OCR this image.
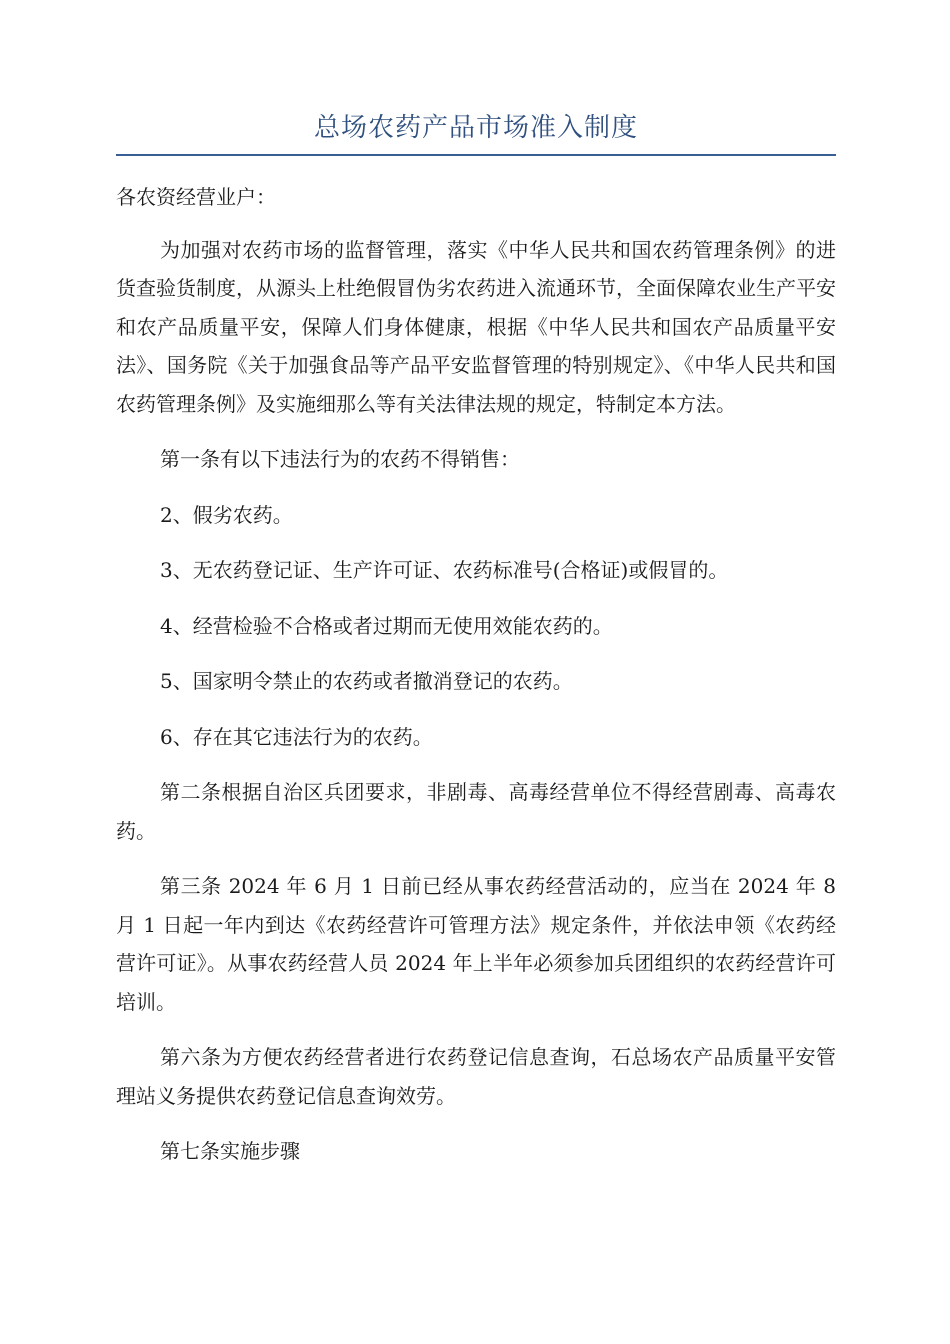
总场农药产品市场准入制度

各农资经营业户：

为加强对农药市场的监督管理，落实《中华人民共和国农药管理条例》的进货查验货制度，从源头上杜绝假冒伪劣农药进入流通环节，全面保障农业生产平安和农产品质量平安，保障人们身体健康，根据《中华人民共和国农产品质量平安法》、国务院《关于加强食品等产品平安监督管理的特别规定》、《中华人民共和国农药管理条例》及实施细那么等有关法律法规的规定，特制定本方法。

第一条有以下违法行为的农药不得销售：

2、假劣农药。

3、无农药登记证、生产许可证、农药标准号(合格证)或假冒的。

4、经营检验不合格或者过期而无使用效能农药的。

5、国家明令禁止的农药或者撤消登记的农药。

6、存在其它违法行为的农药。

第二条根据自治区兵团要求，非剧毒、高毒经营单位不得经营剧毒、高毒农药。

第三条 2024 年 6 月 1 日前已经从事农药经营活动的，应当在 2024 年 8 月 1 日起一年内到达《农药经营许可管理方法》规定条件，并依法申领《农药经营许可证》。从事农药经营人员 2024 年上半年必须参加兵团组织的农药经营许可培训。

第六条为方便农药经营者进行农药登记信息查询，石总场农产品质量平安管理站义务提供农药登记信息查询效劳。

第七条实施步骤
